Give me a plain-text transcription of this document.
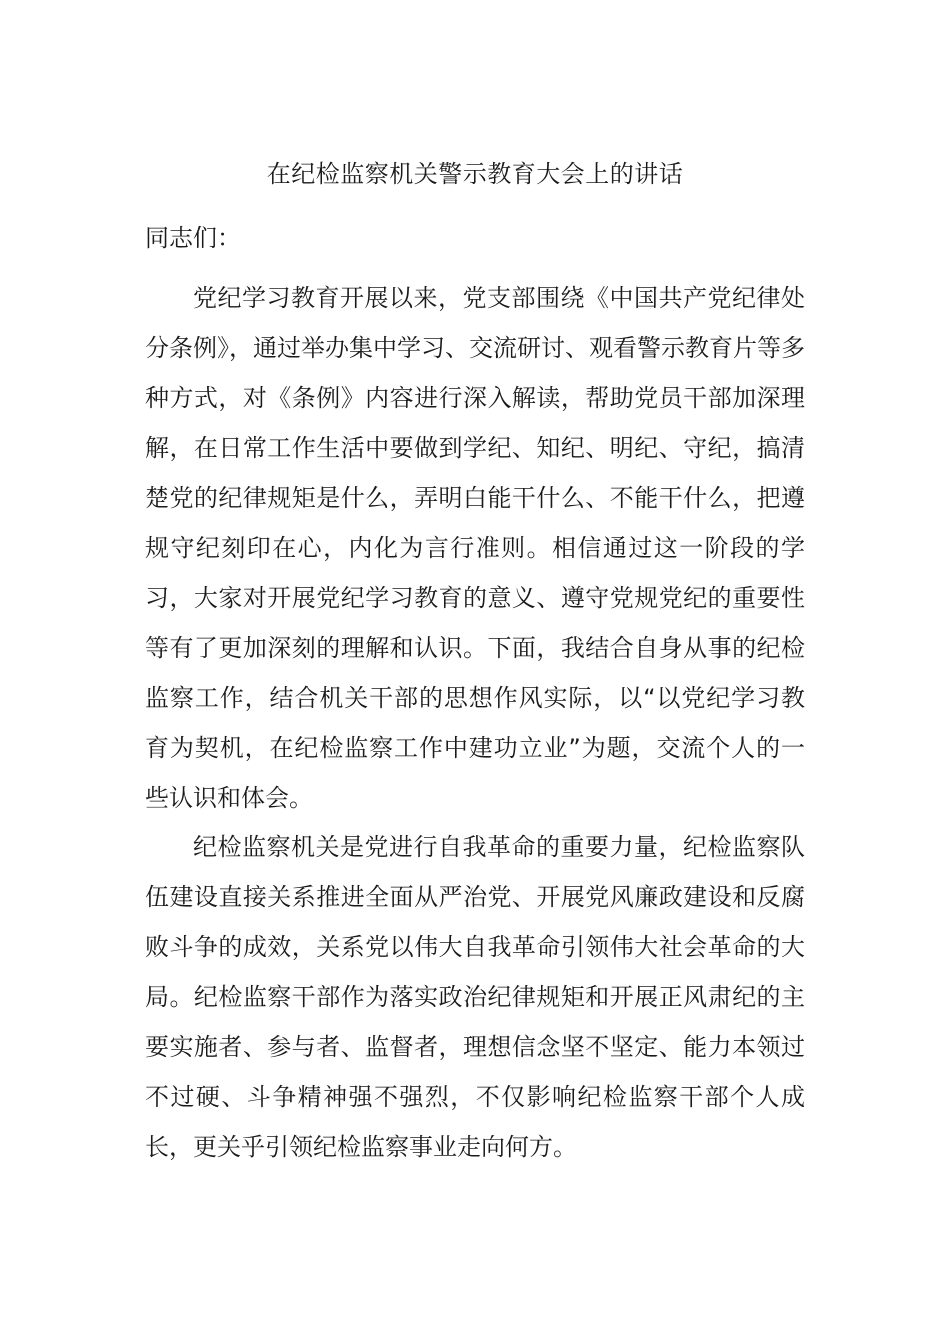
在纪检监察机关警示教育大会上的讲话
同志们：

党纪学习教育开展以来，党支部围绕《中国共产党纪律处分条例》，通过举办集中学习、交流研讨、观看警示教育片等多种方式，对《条例》内容进行深入解读，帮助党员干部加深理解，在日常工作生活中要做到学纪、知纪、明纪、守纪，搞清楚党的纪律规矩是什么，弄明白能干什么、不能干什么，把遵规守纪刻印在心，内化为言行准则。相信通过这一阶段的学习，大家对开展党纪学习教育的意义、遵守党规党纪的重要性等有了更加深刻的理解和认识。下面，我结合自身从事的纪检监察工作，结合机关干部的思想作风实际，以“以党纪学习教育为契机，在纪检监察工作中建功立业”为题，交流个人的一些认识和体会。

纪检监察机关是党进行自我革命的重要力量，纪检监察队伍建设直接关系推进全面从严治党、开展党风廉政建设和反腐败斗争的成效，关系党以伟大自我革命引领伟大社会革命的大局。纪检监察干部作为落实政治纪律规矩和开展正风肃纪的主要实施者、参与者、监督者，理想信念坚不坚定、能力本领过不过硬、斗争精神强不强烈，不仅影响纪检监察干部个人成长，更关乎引领纪检监察事业走向何方。
